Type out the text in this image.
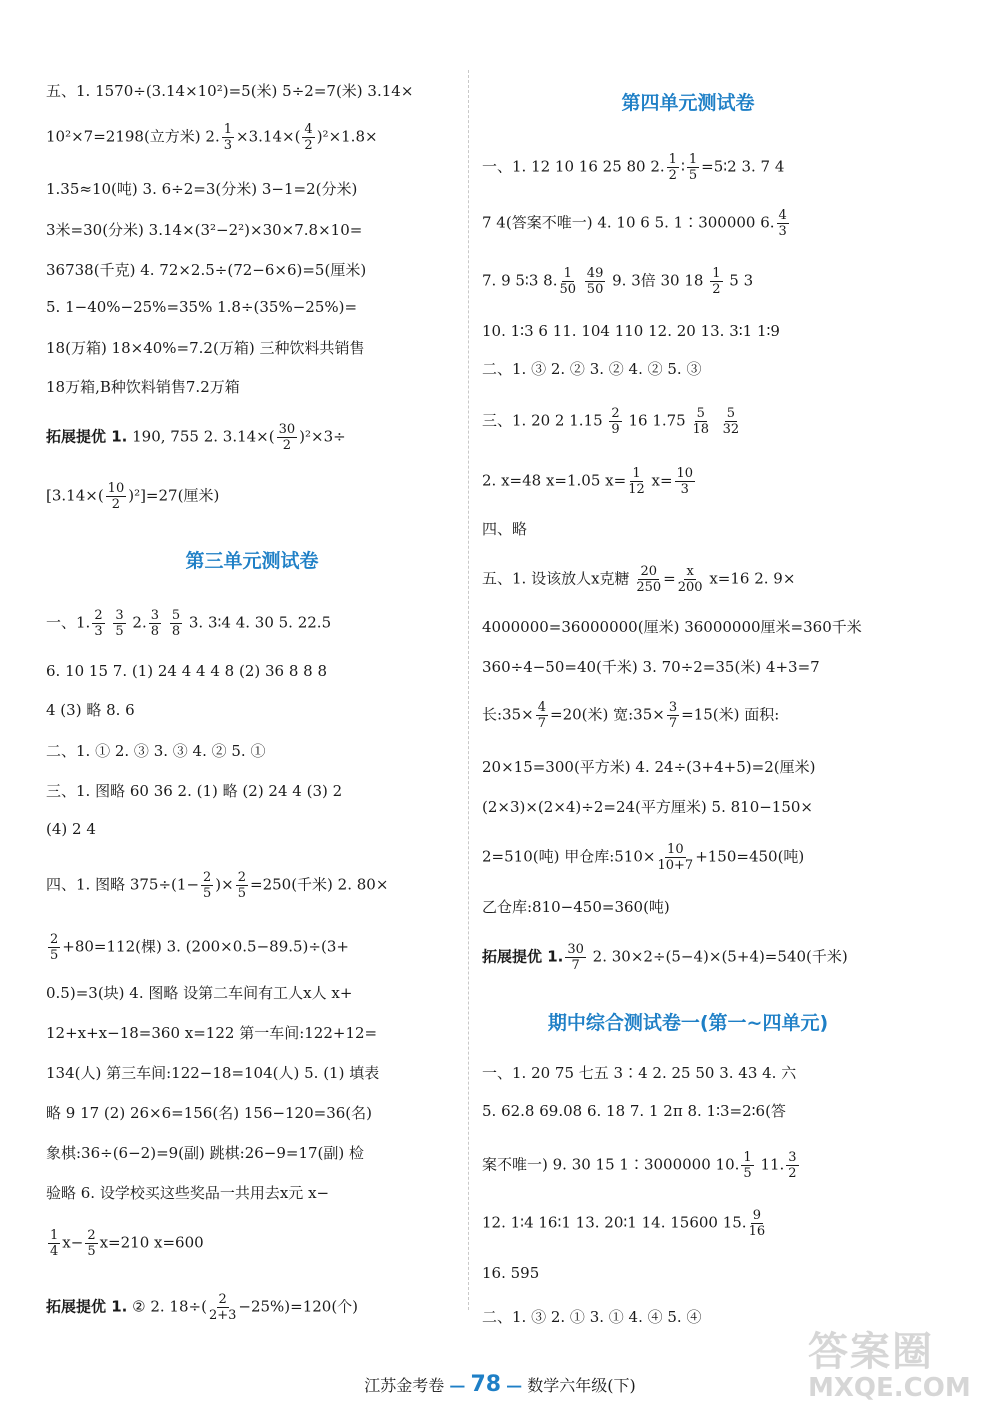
五、1. 1570÷(3.14×10²)=5(米) 5÷2=7(米) 3.14×
10²×7=2198(立方米) 2. $\frac{1}{3} \times 3.14\times( \frac{4}{2} )^2\times 1.8\times$
1.35≈10(吨) 3. 6÷2=3(分米) 3−1=2(分米)
3米=30(分米) 3.14×(3²−2²)×30×7.8×10=
36738(千克) 4. 72×2.5÷(72−6×6)=5(厘米)
5. 1−40%−25%=35% 1.8÷(35%−25%)=
18(万箱) 18×40%=7.2(万箱) 三种饮料共销售
18万箱,B种饮料销售7.2万箱
拓展提优 1. 190, 755 2. $3.14\times( \frac{30}{2} )^2\times 3\div$
$[3.14\times( \frac{10}{2} )^2]=27$(厘米)
第三单元测试卷
一、1. $\frac{2}{3}$
$\frac{3}{5} 2$. $\frac{3}{8}$
$\frac{5}{8} 3$. 3∶4 4. 30 5. 22.5
6. 10 15 7. (1) 24 4 4 4 8 (2) 36 8 8 8
4 (3) 略 8. 6
二、1. ① 2. ③ 3. ③ 4. ② 5. ①
三、1. 图略 60 36 2. (1) 略 (2) 24 4 (3) 2
(4) 2 4
四、1. 图略 $375\div(1- \frac{2}{5}$ )× $\frac{2}{5} =250$(千米) 2. 80×
$\frac{2}{5} +80=112$(棵) 3. (200×0.5−89.5)÷(3+
0.5)=3(块) 4. 图略 设第二车间有工人x人 x+
12+x+x−18=360 x=122 第一车间:122+12=
134(人) 第三车间:122−18=104(人) 5. (1) 填表
略 9 17 (2) 26×6=156(名) 156−120=36(名)
象棋:36÷(6−2)=9(副) 跳棋:26−9=17(副) 检
验略 6. 设学校买这些奖品一共用去x元 x−
$\frac{1}{4} x- \frac{2}{5} x=210$ x=600
拓展提优 1. ② 2. $18\div( \frac{2}{2+3} -25\%)=120$(个)
第四单元测试卷
一、1. 12 10 16 25 80 2. $\frac{1}{2}$ ∶ $\frac{1}{5}$ =5∶2 3. 7 4
7 4(答案不唯一) 4. 10 6 5. 1∶300000 6. $\frac{4}{3}$
7. 9 5∶3 8. $\frac{1}{50}$
$\frac{49}{50} 9$. 3倍 30 $18 \frac{1}{2} 5$ 3
10. 1∶3 6 11. 104 110 12. 20 13. 3∶1 1∶9
二、1. ③ 2. ② 3. ② 4. ② 5. ③
三、1. 20 2 $1.15 \frac{2}{9} 16$ $1.75 \frac{5}{18}$
$\frac{5}{32}$
2. x=48 x=1.05 $x= \frac{1}{12} x= \frac{10}{3}$
四、略
五、1. 设该放人x克糖 $\frac{20}{250} = \frac{x}{200} x=16$ 2. 9×
4000000=36000000(厘米) 36000000厘米=360千米
360÷4−50=40(千米) 3. 70÷2=35(米) 4+3=7
长:35× $\frac{4}{7} =20$(米) 宽:35× $\frac{3}{7} =15$(米) 面积:
20×15=300(平方米) 4. 24÷(3+4+5)=2(厘米)
(2×3)×(2×4)÷2=24(平方厘米) 5. 810−150×
2=510(吨) 甲仓库:510× $\frac{10}{10+7} +150=450$(吨)
乙仓库:810−450=360(吨)
拓展提优 1. $\frac{30}{7} 2$. 30×2÷(5−4)×(5+4)=540(千米)
期中综合测试卷一(第一~四单元)
一、1. 20 75 七五 3∶4 2. 25 50 3. 43 4. 六
5. 62.8 69.08 6. 18 7. 1 2π 8. 1∶3=2∶6(答
案不唯一) 9. 30 15 1∶3000000 10. $\frac{1}{5} 11$. $\frac{3}{2}$
12. 1∶4 16∶1 13. 20∶1 14. 15600 15. $\frac{9}{16}$
16. 595
二、1. ③ 2. ① 3. ① 4. ④ 5. ④
江苏金考卷 — 78 — 数学六年级(下)
答案圈
MXQE.COM
